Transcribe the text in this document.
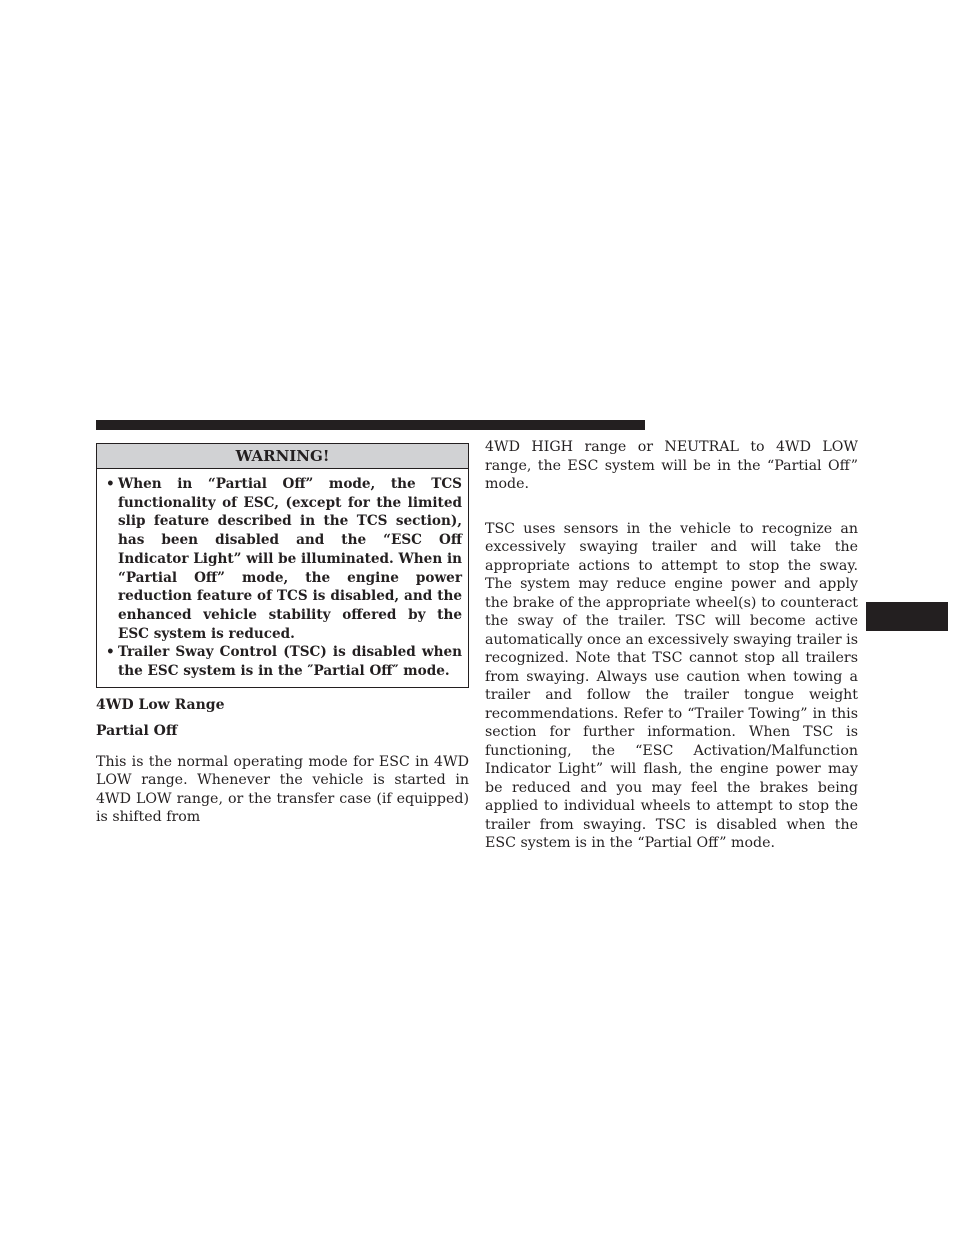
WARNING!
• When in “Partial Off” mode, the TCS functionality of ESC, (except for the limited slip feature described in the TCS section), has been disabled and the “ESC Off Indicator Light” will be illuminated. When in “Partial Off” mode, the engine power reduction feature of TCS is disabled, and the enhanced vehicle stability offered by the ESC system is reduced.
• Trailer Sway Control (TSC) is disabled when the ESC system is in the ″Partial Off″ mode.

4WD Low Range

Partial Off

This is the normal operating mode for ESC in 4WD LOW range. Whenever the vehicle is started in 4WD LOW range, or the transfer case (if equipped) is shifted from

4WD HIGH range or NEUTRAL to 4WD LOW range, the ESC system will be in the “Partial Off” mode.

TSC uses sensors in the vehicle to recognize an excessively swaying trailer and will take the appropriate actions to attempt to stop the sway. The system may reduce engine power and apply the brake of the appropriate wheel(s) to counteract the sway of the trailer. TSC will become active automatically once an excessively swaying trailer is recognized. Note that TSC cannot stop all trailers from swaying. Always use caution when towing a trailer and follow the trailer tongue weight recommendations. Refer to “Trailer Towing” in this section for further information. When TSC is functioning, the “ESC Activation/Malfunction Indicator Light” will flash, the engine power may be reduced and you may feel the brakes being applied to individual wheels to attempt to stop the trailer from swaying. TSC is disabled when the ESC system is in the “Partial Off” mode.
